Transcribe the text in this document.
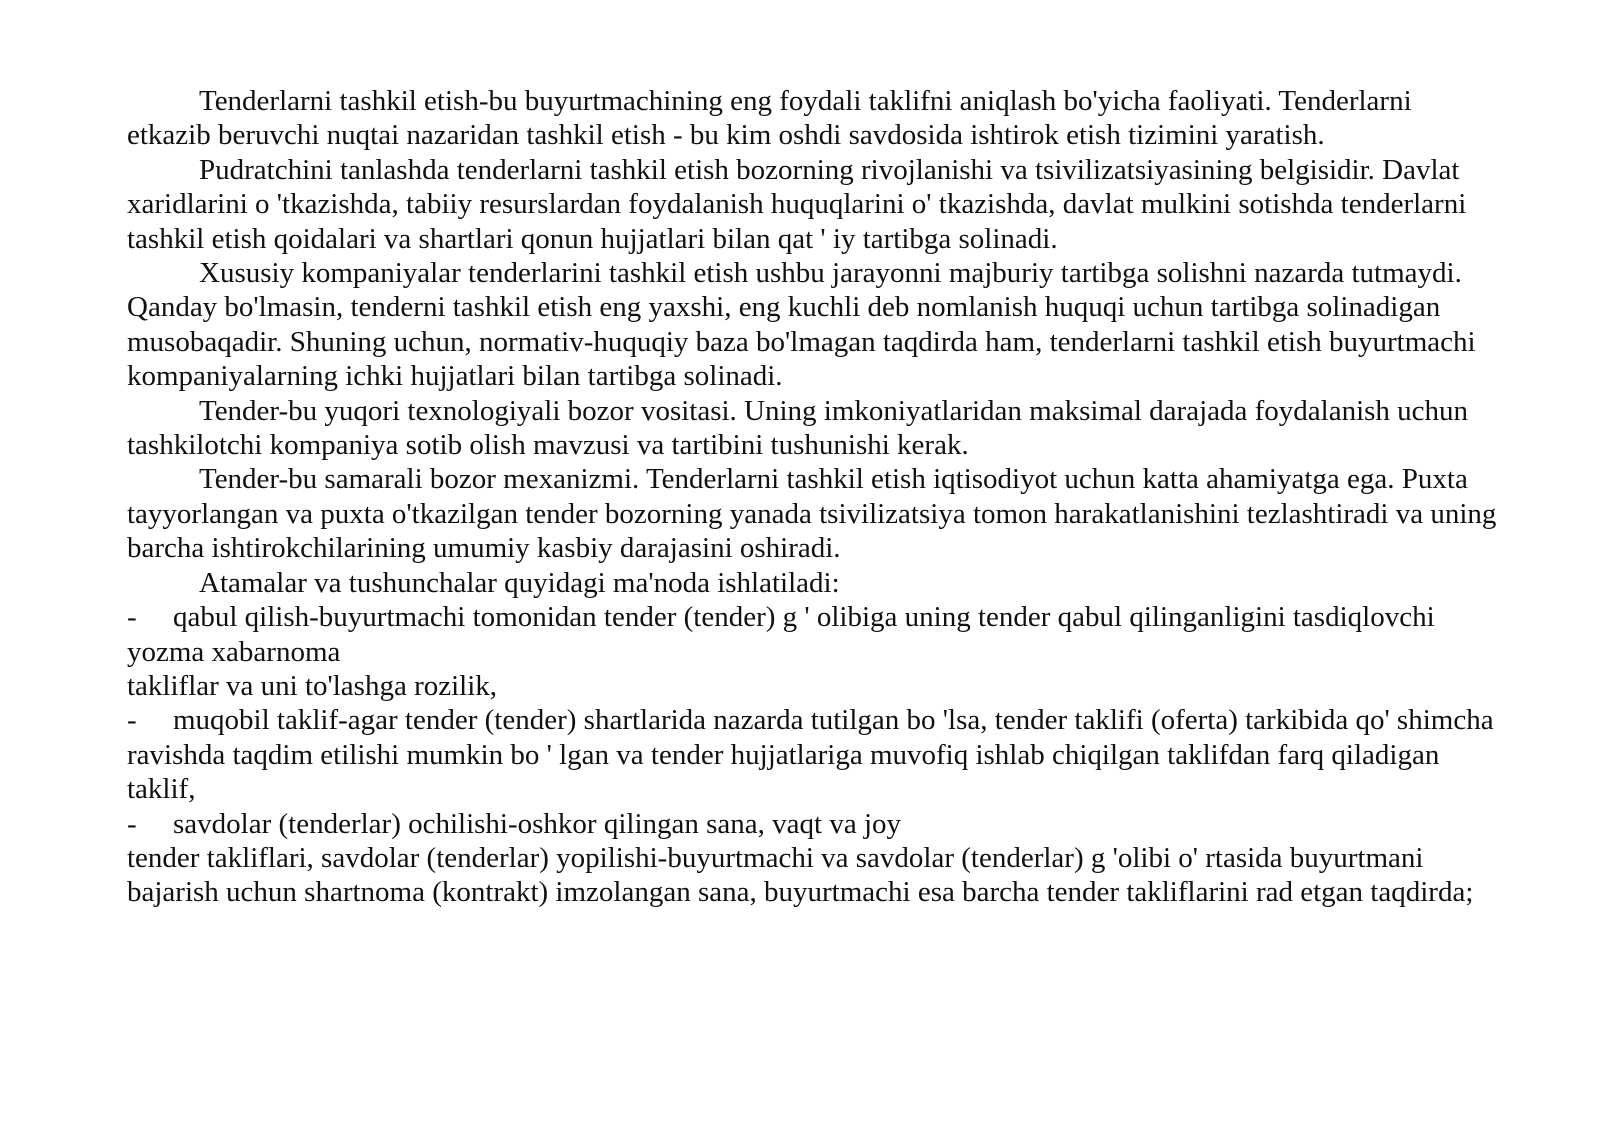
Tenderlarni tashkil etish-bu buyurtmachining eng foydali taklifni aniqlash bo'yicha faoliyati. Tenderlarni etkazib beruvchi nuqtai nazaridan tashkil etish - bu kim oshdi savdosida ishtirok etish tizimini yaratish.

Pudratchini tanlashda tenderlarni tashkil etish bozorning rivojlanishi va tsivilizatsiyasining belgisidir. Davlat xaridlarini o 'tkazishda, tabiiy resurslardan foydalanish huquqlarini o' tkazishda, davlat mulkini sotishda tenderlarni tashkil etish qoidalari va shartlari qonun hujjatlari bilan qat ' iy tartibga solinadi.

Xususiy kompaniyalar tenderlarini tashkil etish ushbu jarayonni majburiy tartibga solishni nazarda tutmaydi. Qanday bo'lmasin, tenderni tashkil etish eng yaxshi, eng kuchli deb nomlanish huquqi uchun tartibga solinadigan musobaqadir. Shuning uchun, normativ-huquqiy baza bo'lmagan taqdirda ham, tenderlarni tashkil etish buyurtmachi kompaniyalarning ichki hujjatlari bilan tartibga solinadi.

Tender-bu yuqori texnologiyali bozor vositasi. Uning imkoniyatlaridan maksimal darajada foydalanish uchun tashkilotchi kompaniya sotib olish mavzusi va tartibini tushunishi kerak.

Tender-bu samarali bozor mexanizmi. Tenderlarni tashkil etish iqtisodiyot uchun katta ahamiyatga ega. Puxta tayyorlangan va puxta o'tkazilgan tender bozorning yanada tsivilizatsiya tomon harakatlanishini tezlashtiradi va uning barcha ishtirokchilarining umumiy kasbiy darajasini oshiradi.

Atamalar va tushunchalar quyidagi ma'noda ishlatiladi:

- qabul qilish-buyurtmachi tomonidan tender (tender) g ' olibiga uning tender qabul qilinganligini tasdiqlovchi yozma xabarnoma

takliflar va uni to'lashga rozilik,

- muqobil taklif-agar tender (tender) shartlarida nazarda tutilgan bo 'lsa, tender taklifi (oferta) tarkibida qo' shimcha ravishda taqdim etilishi mumkin bo ' lgan va tender hujjatlariga muvofiq ishlab chiqilgan taklifdan farq qiladigan taklif,

- savdolar (tenderlar) ochilishi-oshkor qilingan sana, vaqt va joy

tender takliflari, savdolar (tenderlar) yopilishi-buyurtmachi va savdolar (tenderlar) g 'olibi o' rtasida buyurtmani bajarish uchun shartnoma (kontrakt) imzolangan sana, buyurtmachi esa barcha tender takliflarini rad etgan taqdirda;
